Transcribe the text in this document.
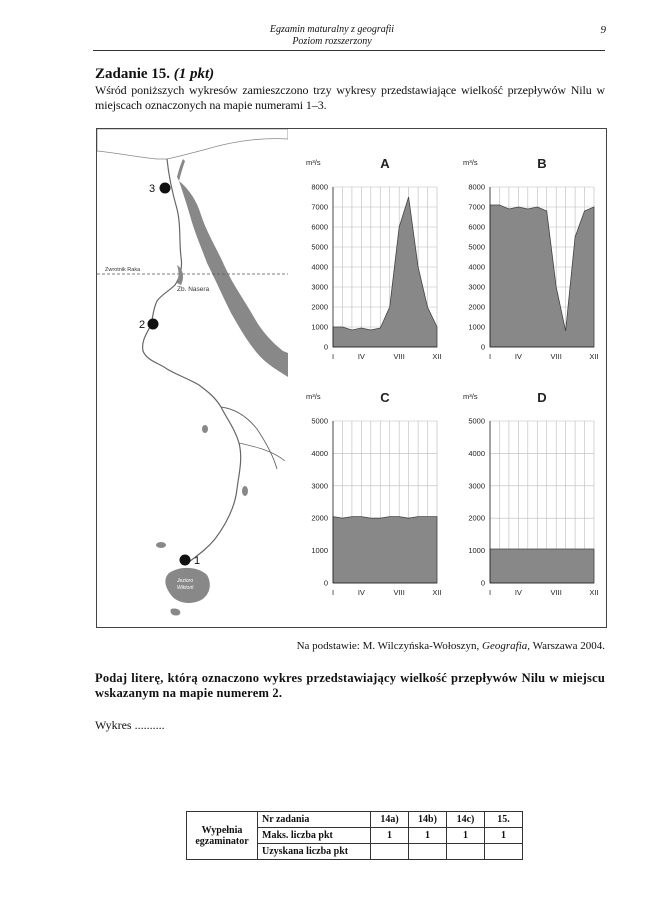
Egzamin maturalny z geografii
Poziom rozszerzony
9
Zadanie 15. (1 pkt)
Wśród poniższych wykresów zamieszczono trzy wykresy przedstawiające wielkość przepływów Nilu w miejscach oznaczonych na mapie numerami 1–3.
Zwrotnik Raka
Zb. Nasera
Jezioro
Wiktorii
3
2
1
0
1000
2000
3000
4000
5000
6000
7000
8000
I	IV	VIII	XII
m³/s	A
0
1000
2000
3000
4000
5000
6000
7000
8000
I	IV	VIII	XII
m³/s	B
0
1000
2000
3000
4000
5000
I	IV	VIII	XII
m³/s	C
0
1000
2000
3000
4000
5000
I	IV	VIII	XII
m³/s	D
Na podstawie: M. Wilczyńska-Wołoszyn, Geografia, Warszawa 2004.
Podaj literę, którą oznaczono wykres przedstawiający wielkość przepływów Nilu w miejscu wskazanym na mapie numerem 2.
Wykres ..........
Wypełnia
egzaminator	Nr zadania	14a)	14b)	14c)	15.
	Maks. liczba pkt	1	1	1	1
	Uzyskana liczba pkt				
